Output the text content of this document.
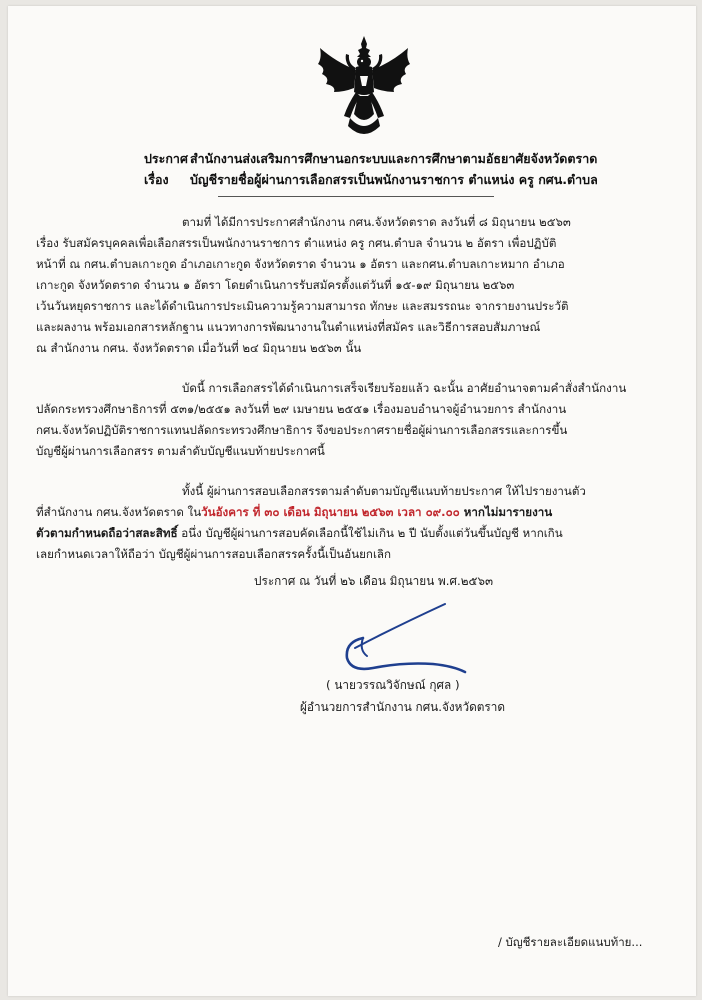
ประกาศ สำนักงานส่งเสริมการศึกษานอกระบบและการศึกษาตามอัธยาศัยจังหวัดตราด
เรื่อง บัญชีรายชื่อผู้ผ่านการเลือกสรรเป็นพนักงานราชการ ตำแหน่ง ครู กศน.ตำบล
ตามที่ ได้มีการประกาศสำนักงาน กศน.จังหวัดตราด ลงวันที่ ๘ มิถุนายน ๒๕๖๓
เรื่อง รับสมัครบุคคลเพื่อเลือกสรรเป็นพนักงานราชการ ตำแหน่ง ครู กศน.ตำบล จำนวน ๒ อัตรา เพื่อปฏิบัติ
หน้าที่ ณ กศน.ตำบลเกาะกูด อำเภอเกาะกูด จังหวัดตราด จำนวน ๑ อัตรา และกศน.ตำบลเกาะหมาก อำเภอ
เกาะกูด จังหวัดตราด จำนวน ๑ อัตรา โดยดำเนินการรับสมัครตั้งแต่วันที่ ๑๕-๑๙ มิถุนายน ๒๕๖๓
เว้นวันหยุดราชการ และได้ดำเนินการประเมินความรู้ความสามารถ ทักษะ และสมรรถนะ จากรายงานประวัติ
และผลงาน พร้อมเอกสารหลักฐาน แนวทางการพัฒนางานในตำแหน่งที่สมัคร และวิธีการสอบสัมภาษณ์
ณ สำนักงาน กศน. จังหวัดตราด เมื่อวันที่ ๒๔ มิถุนายน ๒๕๖๓ นั้น
บัดนี้ การเลือกสรรได้ดำเนินการเสร็จเรียบร้อยแล้ว ฉะนั้น อาศัยอำนาจตามคำสั่งสำนักงาน
ปลัดกระทรวงศึกษาธิการที่ ๕๓๑/๒๕๕๑ ลงวันที่ ๒๙ เมษายน ๒๕๕๑ เรื่องมอบอำนาจผู้อำนวยการ สำนักงาน
กศน.จังหวัดปฏิบัติราชการแทนปลัดกระทรวงศึกษาธิการ จึงขอประกาศรายชื่อผู้ผ่านการเลือกสรรและการขึ้น
บัญชีผู้ผ่านการเลือกสรร ตามลำดับบัญชีแนบท้ายประกาศนี้
ทั้งนี้ ผู้ผ่านการสอบเลือกสรรตามลำดับตามบัญชีแนบท้ายประกาศ ให้ไปรายงานตัว
ที่สำนักงาน กศน.จังหวัดตราด ในวันอังคาร ที่ ๓๐ เดือน มิถุนายน ๒๕๖๓ เวลา ๐๙.๐๐ หากไม่มารายงาน
ตัวตามกำหนดถือว่าสละสิทธิ์ อนึ่ง บัญชีผู้ผ่านการสอบคัดเลือกนี้ใช้ไม่เกิน ๒ ปี นับตั้งแต่วันขึ้นบัญชี หากเกิน
เลยกำหนดเวลาให้ถือว่า บัญชีผู้ผ่านการสอบเลือกสรรครั้งนี้เป็นอันยกเลิก
ประกาศ ณ วันที่ ๒๖ เดือน มิถุนายน พ.ศ.๒๕๖๓
( นายวรรณวิจักษณ์ กุศล )
ผู้อำนวยการสำนักงาน กศน.จังหวัดตราด
/ บัญชีรายละเอียดแนบท้าย...
